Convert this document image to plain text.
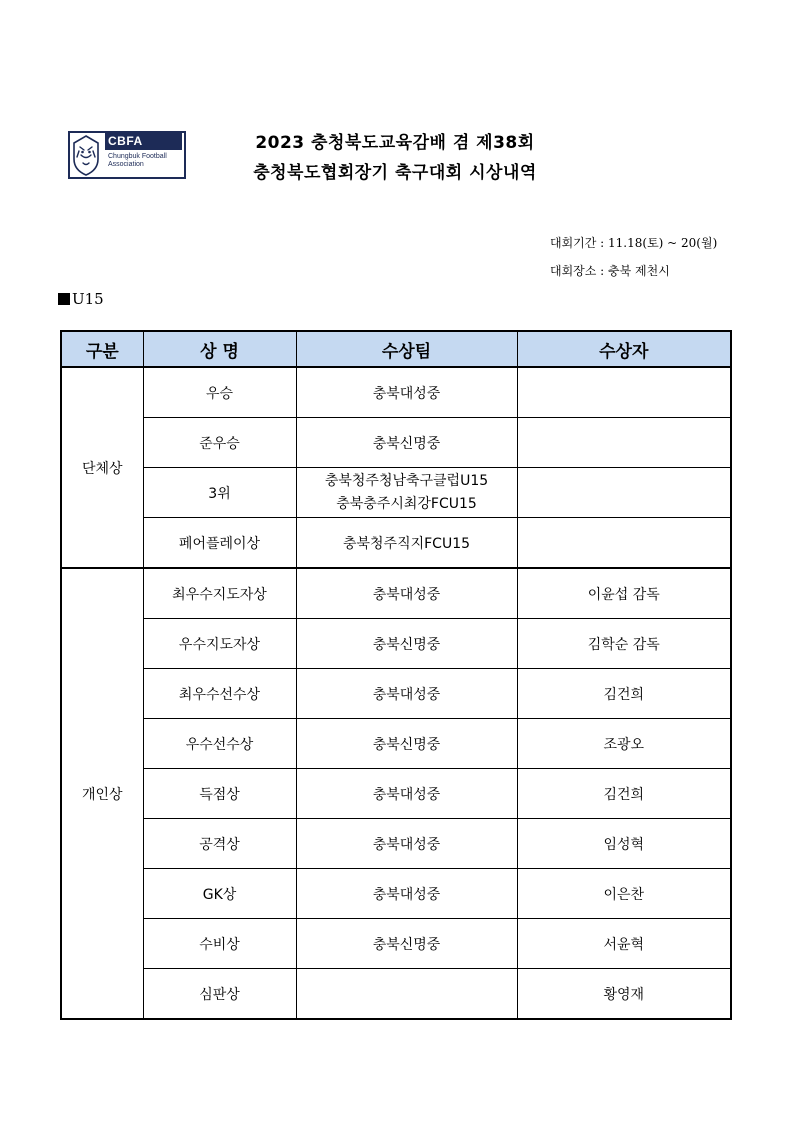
CBFA
Chungbuk Football
Association
2023 충청북도교육감배 겸 제38회
충청북도협회장기 축구대회 시상내역
대회기간 : 11.18(토) ~ 20(월)
대회장소 : 충북 제천시
U15
구분	상 명	수상팀	수상자
단체상	우승	충북대성중	
	준우승	충북신명중	
	3위	충북청주청남축구클럽U15
충북충주시최강FCU15	

	페어플레이상	충북청주직지FCU15	
개인상	최우수지도자상	충북대성중	이윤섭 감독
	우수지도자상	충북신명중	김학순 감독
	최우수선수상	충북대성중	김건희
	우수선수상	충북신명중	조광오
	득점상	충북대성중	김건희
	공격상	충북대성중	임성혁
	GK상	충북대성중	이은찬
	수비상	충북신명중	서윤혁
	심판상		황영재
